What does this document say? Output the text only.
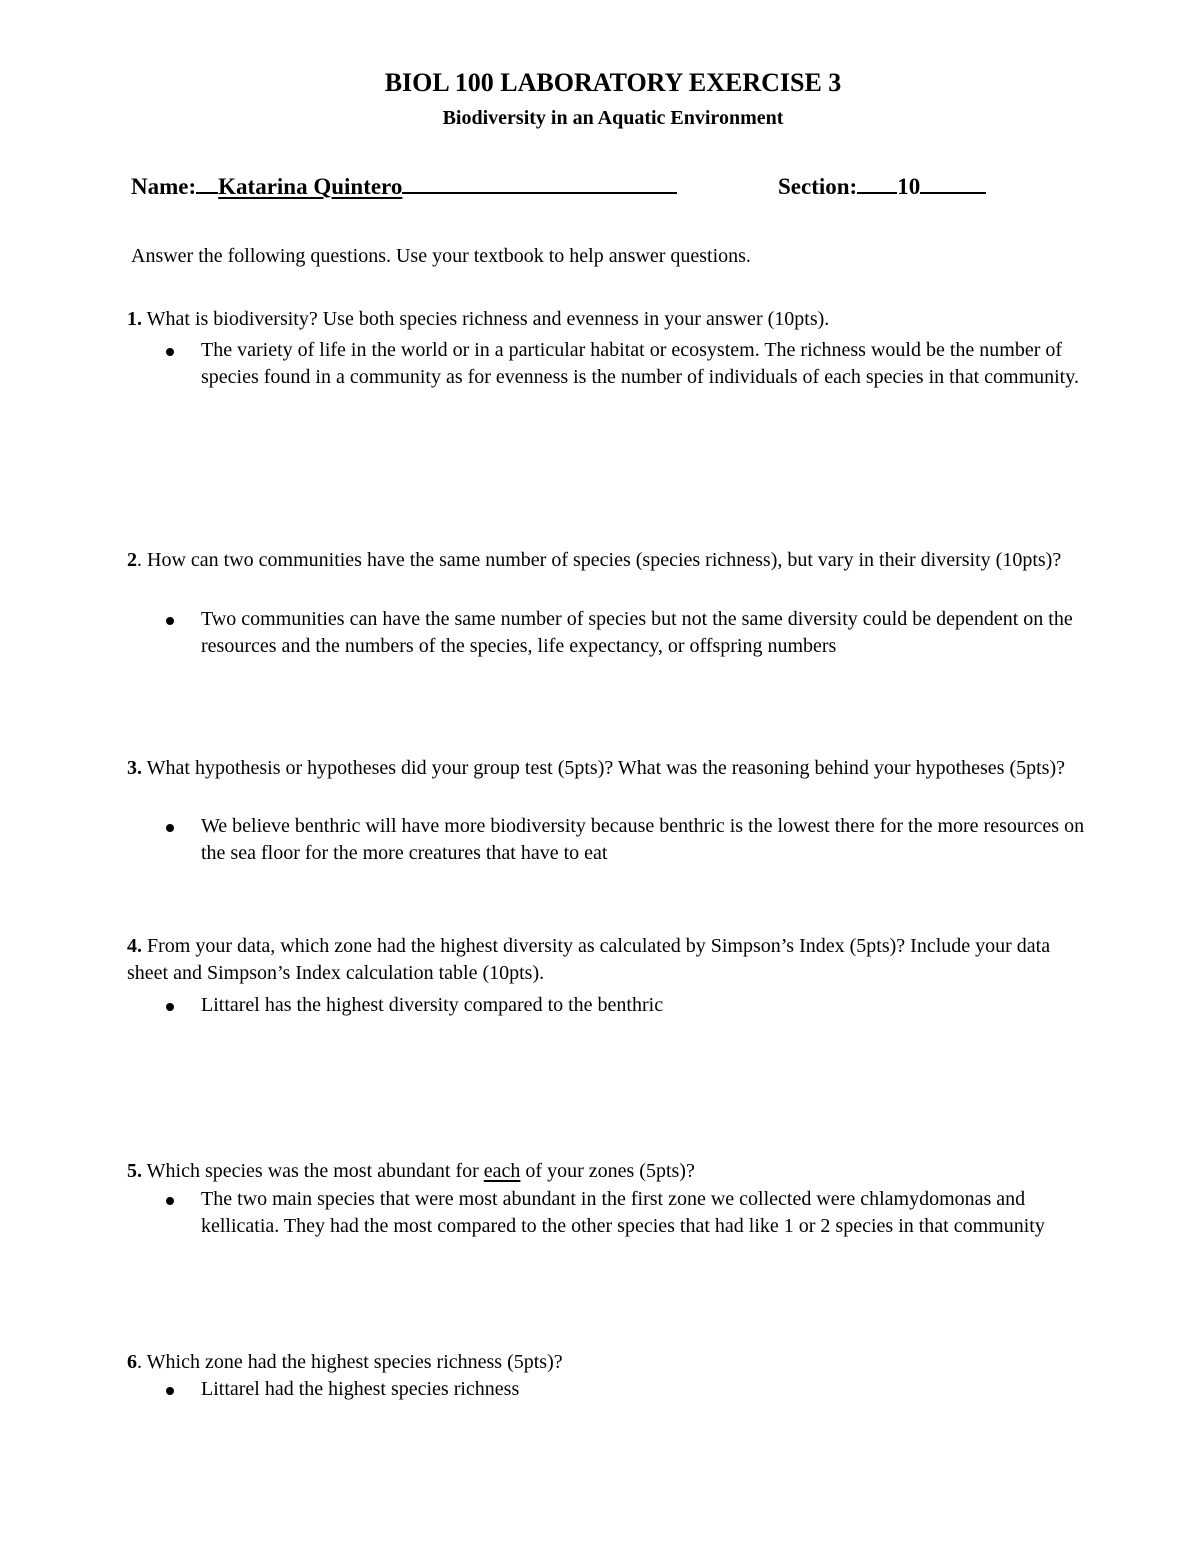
BIOL 100 LABORATORY EXERCISE 3
Biodiversity in an Aquatic Environment
Name: Katarina Quintero	Section: 10
Answer the following questions. Use your textbook to help answer questions.
1. What is biodiversity? Use both species richness and evenness in your answer (10pts).
The variety of life in the world or in a particular habitat or ecosystem. The richness would be the number of species found in a community as for evenness is the number of individuals of each species in that community.
2. How can two communities have the same number of species (species richness), but vary in their diversity (10pts)?
Two communities can have the same number of species but not the same diversity could be dependent on the resources and the numbers of the species, life expectancy, or offspring numbers
3. What hypothesis or hypotheses did your group test (5pts)? What was the reasoning behind your hypotheses (5pts)?
We believe benthric will have more biodiversity because benthric is the lowest there for the more resources on the sea floor for the more creatures that have to eat
4. From your data, which zone had the highest diversity as calculated by Simpson’s Index (5pts)? Include your data sheet and Simpson’s Index calculation table (10pts).
Littarel has the highest diversity compared to the benthric
5. Which species was the most abundant for each of your zones (5pts)?
The two main species that were most abundant in the first zone we collected were chlamydomonas and kellicatia. They had the most compared to the other species that had like 1 or 2 species in that community
6. Which zone had the highest species richness (5pts)?
Littarel had the highest species richness
